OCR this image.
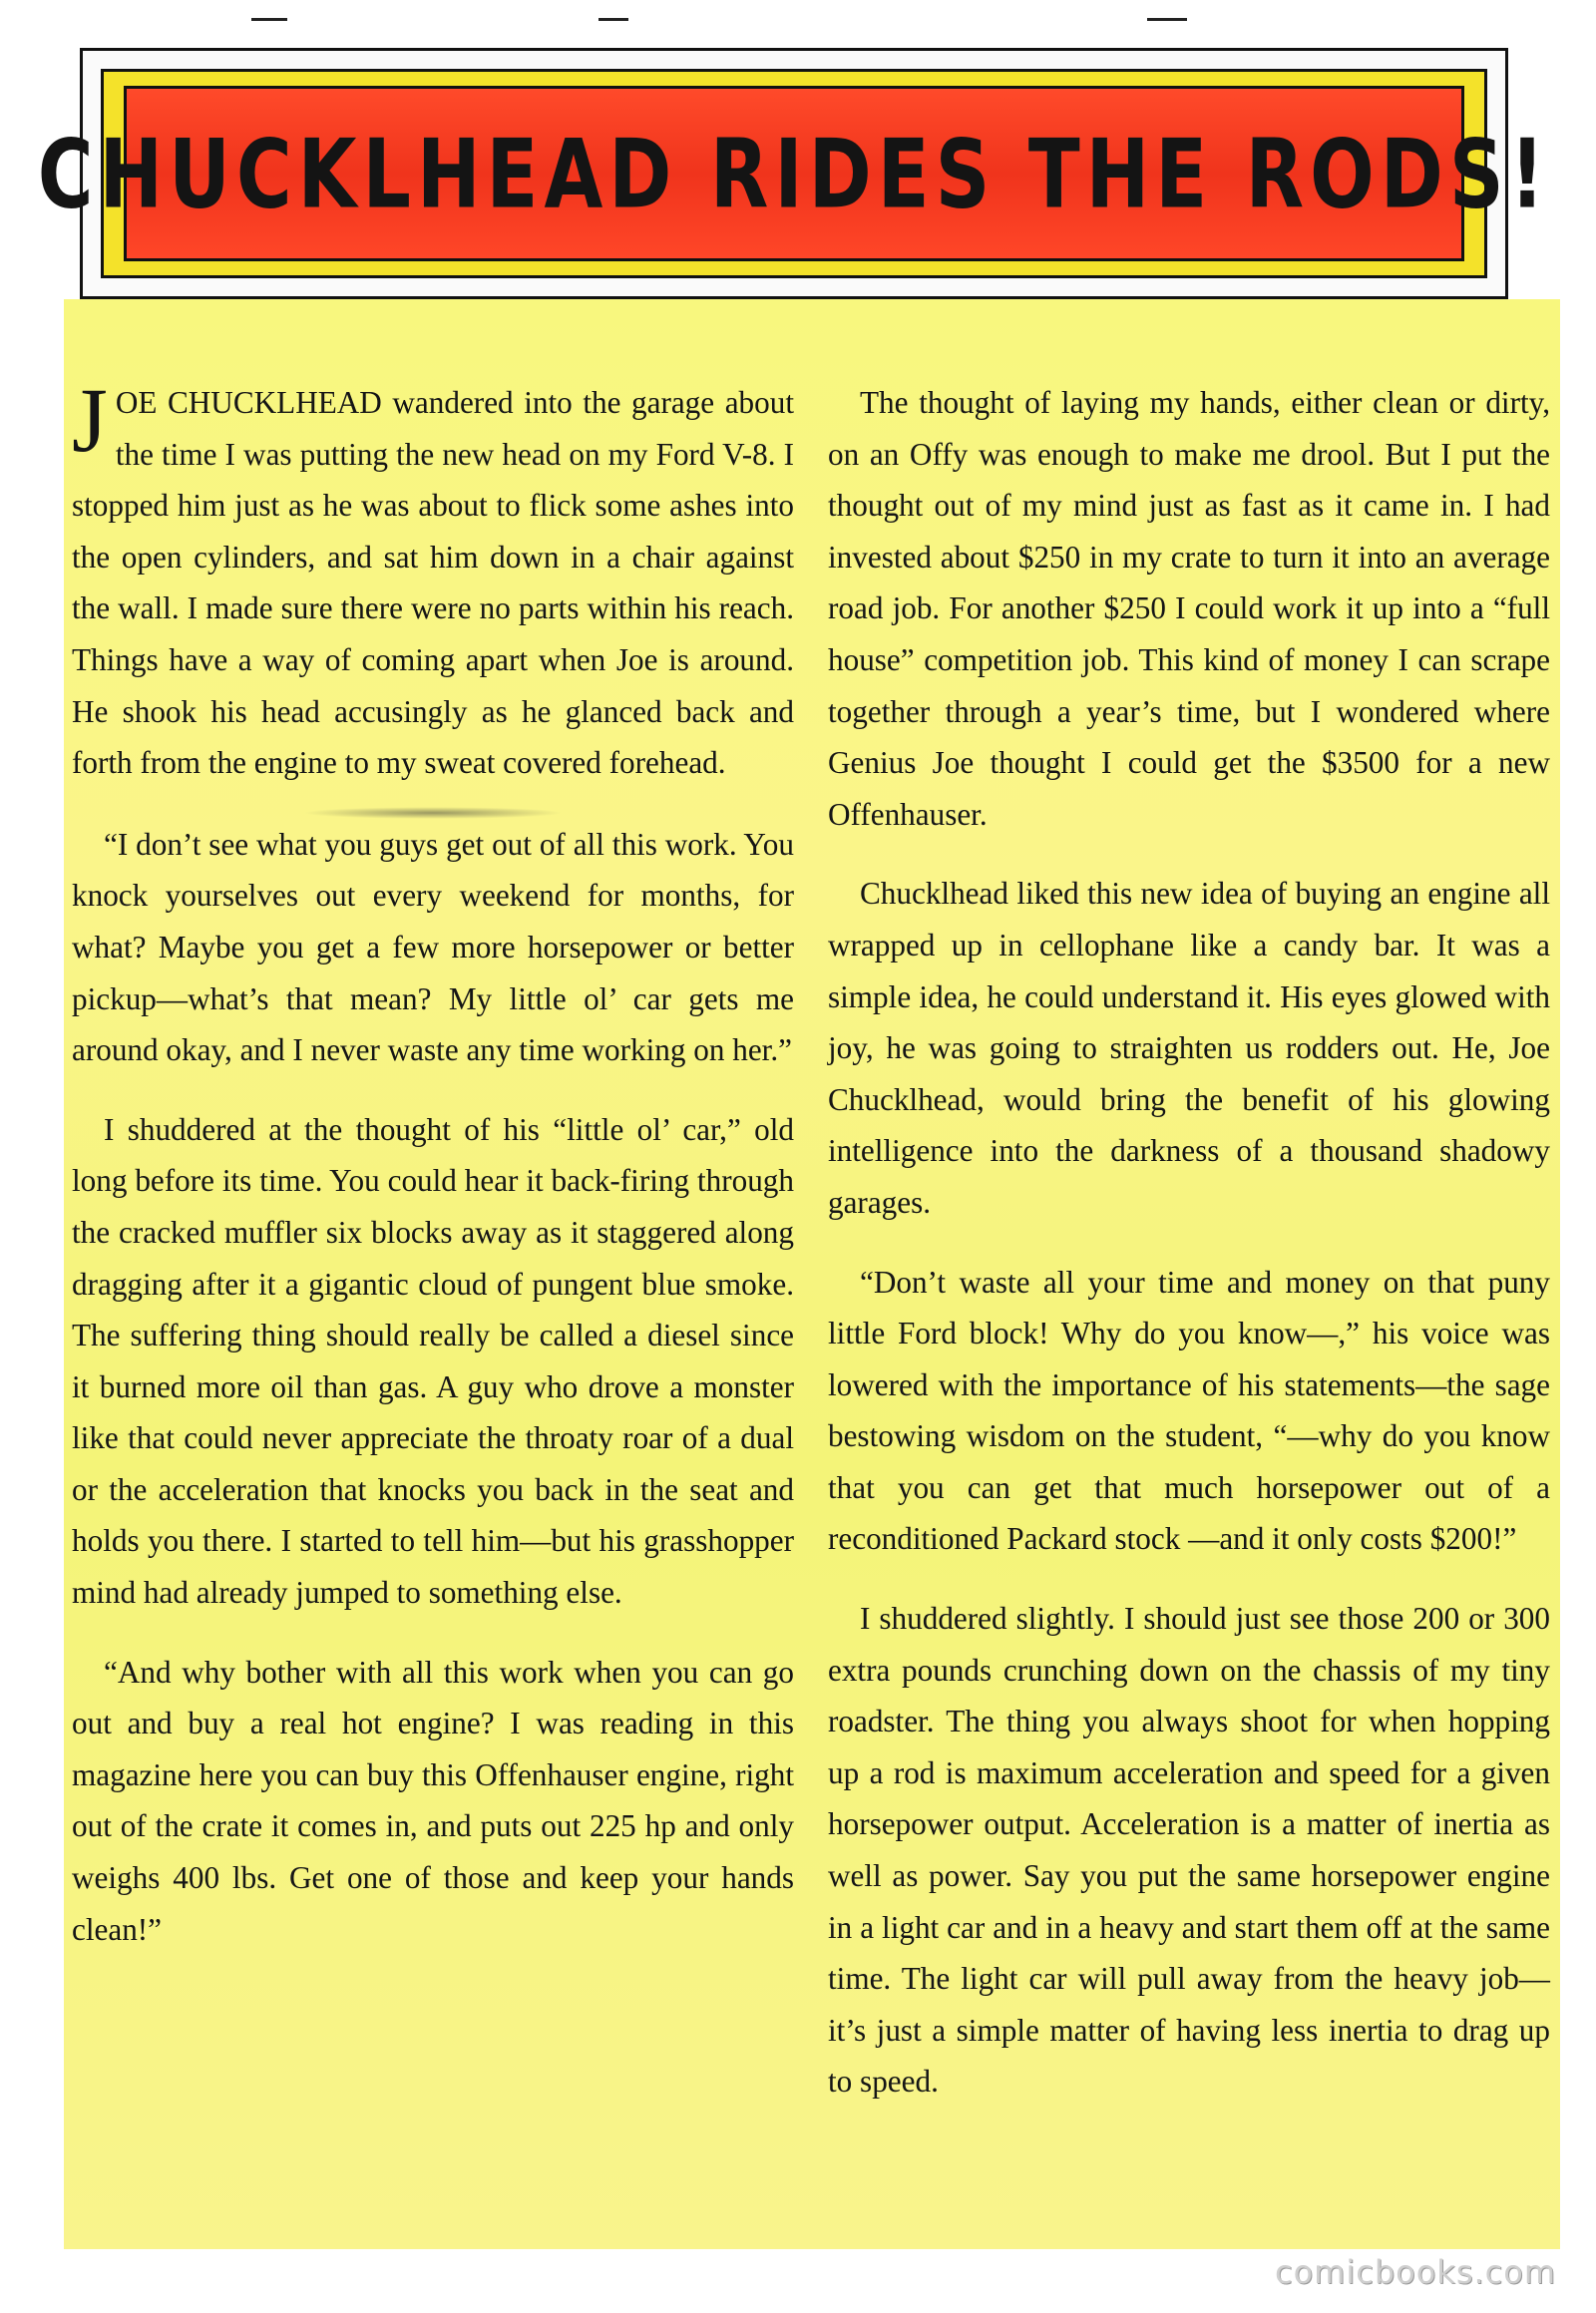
CHUCKLHEAD RIDES THE RODS!

JOE CHUCKLHEAD wandered into the garage about the time I was putting the new head on my Ford V-8. I stopped him just as he was about to flick some ashes into the open cylinders, and sat him down in a chair against the wall. I made sure there were no parts within his reach. Things have a way of coming apart when Joe is around. He shook his head accusingly as he glanced back and forth from the engine to my sweat covered forehead.

“I don’t see what you guys get out of all this work. You knock yourselves out every weekend for months, for what? Maybe you get a few more horsepower or better pickup—what’s that mean? My little ol’ car gets me around okay, and I never waste any time working on her.”

I shuddered at the thought of his “little ol’ car,” old long before its time. You could hear it back-firing through the cracked muffler six blocks away as it staggered along dragging after it a gigantic cloud of pungent blue smoke. The suffering thing should really be called a diesel since it burned more oil than gas. A guy who drove a monster like that could never appreciate the throaty roar of a dual or the acceleration that knocks you back in the seat and holds you there. I started to tell him—but his grasshopper mind had already jumped to something else.

“And why bother with all this work when you can go out and buy a real hot engine? I was reading in this magazine here you can buy this Offenhauser engine, right out of the crate it comes in, and puts out 225 hp and only weighs 400 lbs. Get one of those and keep your hands clean!”

The thought of laying my hands, either clean or dirty, on an Offy was enough to make me drool. But I put the thought out of my mind just as fast as it came in. I had invested about $250 in my crate to turn it into an average road job. For another $250 I could work it up into a “full house” competition job. This kind of money I can scrape together through a year’s time, but I wondered where Genius Joe thought I could get the $3500 for a new Offenhauser.

Chucklhead liked this new idea of buying an engine all wrapped up in cellophane like a candy bar. It was a simple idea, he could understand it. His eyes glowed with joy, he was going to straighten us rodders out. He, Joe Chucklhead, would bring the benefit of his glowing intelligence into the darkness of a thousand shadowy garages.

“Don’t waste all your time and money on that puny little Ford block! Why do you know—,” his voice was lowered with the importance of his statements—the sage bestowing wisdom on the student, “—why do you know that you can get that much horsepower out of a reconditioned Packard stock —and it only costs $200!”

I shuddered slightly. I should just see those 200 or 300 extra pounds crunching down on the chassis of my tiny roadster. The thing you always shoot for when hopping up a rod is maximum acceleration and speed for a given horsepower output. Acceleration is a matter of inertia as well as power. Say you put the same horsepower engine in a light car and in a heavy and start them off at the same time. The light car will pull away from the heavy job—it’s just a simple matter of having less inertia to drag up to speed.

comicbooks.com
